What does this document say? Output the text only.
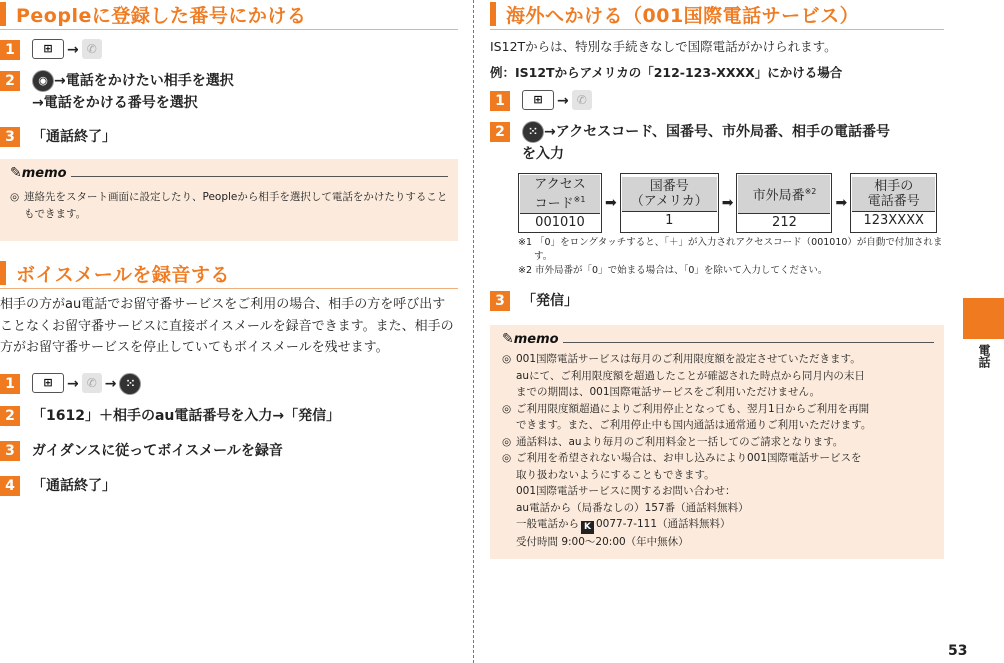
Peopleに登録した番号にかける
1	⊞	→ ✆
2	◉ →電話をかけたい相手を選択
→電話をかける番号を選択
3	「通話終了」
✎ memo
◎ 連絡先をスタート画面に設定したり、Peopleから相手を選択して電話をかけたりすることもできます。
ボイスメールを録音する
相手の方がau電話でお留守番サービスをご利用の場合、相手の方を呼び出すことなくお留守番サービスに直接ボイスメールを録音できます。また、相手の方がお留守番サービスを停止していてもボイスメールを残せます。
1	⊞	→ ✆ → ⁙
2	「1612」＋相手のau電話番号を入力→「発信」
3	ガイダンスに従ってボイスメールを録音
4	「通話終了」
海外へかける（001国際電話サービス）
IS12Tからは、特別な手続きなしで国際電話がかけられます。
例：IS12Tからアメリカの「212-123-XXXX」にかける場合
1	⊞	→ ✆
2	⁙ →アクセスコード、国番号、市外局番、相手の電話番号
を入力
アクセス
コード$^{※1}$
001010
	➡	
国番号
（アメリカ）
1
	➡	市外局番$^{※2}$
212
	➡	
相手の
電話番号
123XXXX
※1 「0」をロングタッチすると、「＋」が入力されアクセスコード（001010）が自動で付加されます。
※2 市外局番が「0」で始まる場合は、「0」を除いて入力してください。
3	「発信」
✎ memo
◎ 001国際電話サービスは毎月のご利用限度額を設定させていただきます。
auにて、ご利用限度額を超過したことが確認された時点から同月内の末日
までの期間は、001国際電話サービスをご利用いただけません。
◎ ご利用限度額超過によりご利用停止となっても、翌月1日からご利用を再開
できます。また、ご利用停止中も国内通話は通常通りご利用いただけます。
◎ 通話料は、auより毎月のご利用料金と一括してのご請求となります。
◎ ご利用を希望されない場合は、お申し込みにより001国際電話サービスを
取り扱わないようにすることもできます。
001国際電話サービスに関するお問い合わせ：
au電話から（局番なしの）157番（通話料無料）
一般電話から K 0077-7-111（通話料無料）
受付時間 9:00〜20:00（年中無休）
電話
53
